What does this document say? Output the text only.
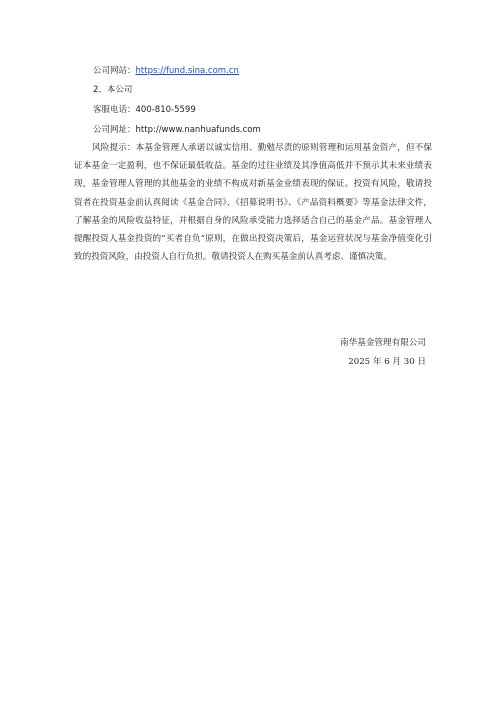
公司网站：https://fund.sina.com.cn
2、本公司
客服电话：400-810-5599
公司网址：http://www.nanhuafunds.com

风险提示：本基金管理人承诺以诚实信用、勤勉尽责的原则管理和运用基金资产，但不保证本基金一定盈利，也不保证最低收益。基金的过往业绩及其净值高低并不预示其未来业绩表现，基金管理人管理的其他基金的业绩不构成对新基金业绩表现的保证。投资有风险，敬请投资者在投资基金前认真阅读《基金合同》、《招募说明书》、《产品资料概要》等基金法律文件，了解基金的风险收益特征，并根据自身的风险承受能力选择适合自己的基金产品。基金管理人提醒投资人基金投资的“买者自负”原则，在做出投资决策后，基金运营状况与基金净值变化引致的投资风险，由投资人自行负担。敬请投资人在购买基金前认真考虑、谨慎决策。

南华基金管理有限公司
2025 年 6 月 30 日
